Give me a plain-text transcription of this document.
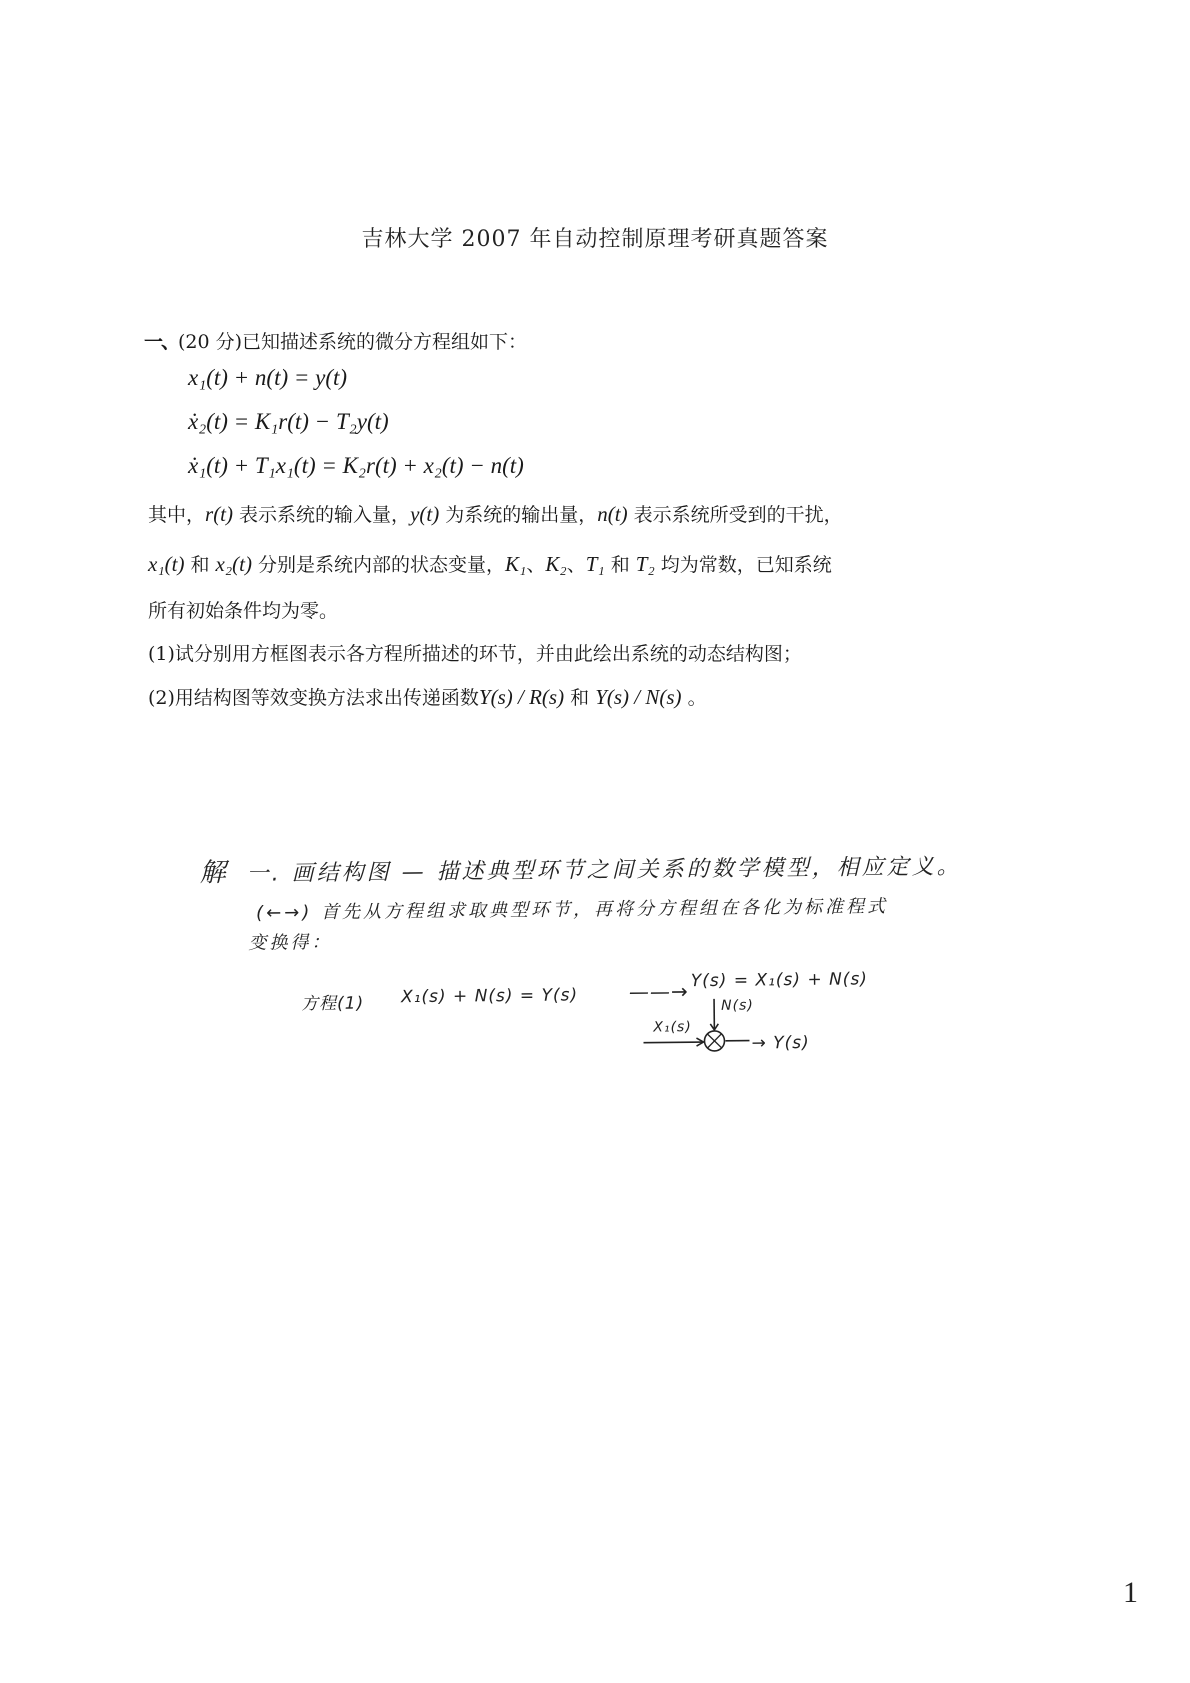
吉林大学 2007 年自动控制原理考研真题答案
一、(20 分)已知描述系统的微分方程组如下：
x₁(t) + n(t) = y(t)
ẋ₂(t) = K₁r(t) − T₂y(t)
ẋ₁(t) + T₁x₁(t) = K₂r(t) + x₂(t) − n(t)
其中，r(t) 表示系统的输入量，y(t) 为系统的输出量，n(t) 表示系统所受到的干扰，
x₁(t) 和 x₂(t) 分别是系统内部的状态变量，K₁、K₂、T₁ 和 T₂ 均为常数，已知系统
所有初始条件均为零。
(1)试分别用方框图表示各方程所描述的环节，并由此绘出系统的动态结构图；
(2)用结构图等效变换方法求出传递函数Y(s) / R(s) 和 Y(s) / N(s) 。
解 一. 画结构图 — 描述典型环节之间关系的数学模型，相应定义。
(←→) 首先从方程组求取典型环节，再将分方程组在各化为标准程式
变换得：
方程(1) X₁(s) + N(s) = Y(s)	——→ Y(s) = X₁(s) + N(s)
N(s)
X₁(s)
→ Y(s)
1
